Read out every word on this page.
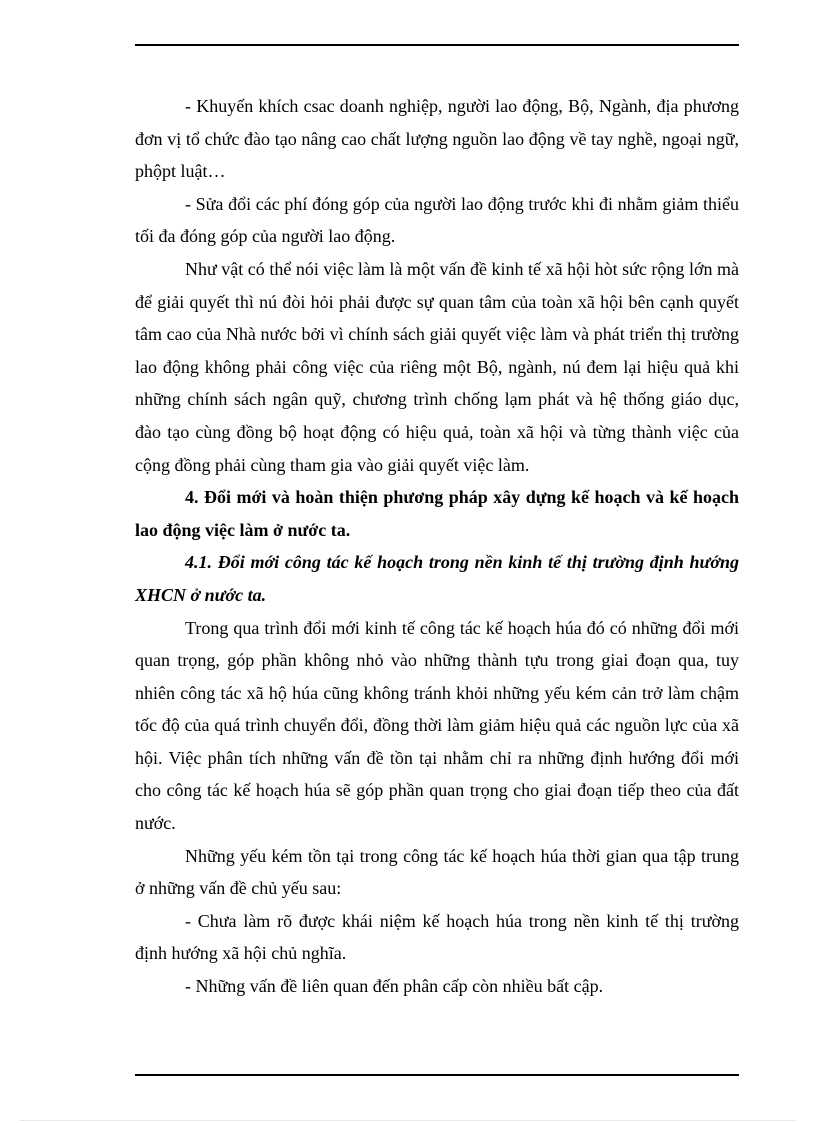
- Khuyến khích csac doanh nghiệp, người lao động, Bộ, Ngành, địa phương đơn vị tổ chức đào tạo nâng cao chất lượng nguồn lao động về tay nghề, ngoại ngữ, phộpt luật…

- Sửa đổi các phí đóng góp của người lao động trước khi đi nhằm giảm thiểu tối đa đóng góp của người lao động.

Như vật có thể nói việc làm là một vấn đề kinh tế xã hội hòt sức rộng lớn mà để giải quyết thì nú đòi hỏi phải được sự quan tâm của toàn xã hội bên cạnh quyết tâm cao của Nhà nước bởi vì chính sách giải quyết việc làm và phát triển thị trường lao động không phải công việc của riêng một Bộ, ngành, nú đem lại hiệu quả khi những chính sách ngân quỹ, chương trình chống lạm phát và hệ thống giáo dục, đào tạo cùng đồng bộ hoạt động có hiệu quả, toàn xã hội và từng thành việc của cộng đồng phải cùng tham gia vào giải quyết việc làm.

4. Đổi mới và hoàn thiện phương pháp xây dựng kế hoạch và kế hoạch lao động việc làm ở nước ta.

4.1. Đổi mới công tác kế hoạch trong nền kinh tế thị trường định hướng XHCN ở nước ta.

Trong qua trình đổi mới kinh tế công tác kế hoạch húa đó có những đổi mới quan trọng, góp phần không nhỏ vào những thành tựu trong giai đoạn qua, tuy nhiên công tác xã hộ húa cũng không tránh khỏi những yếu kém cản trở làm chậm tốc độ của quá trình chuyển đổi, đồng thời làm giảm hiệu quả các nguồn lực của xã hội. Việc phân tích những vấn đề tồn tại nhằm chỉ ra những định hướng đổi mới cho công tác kế hoạch húa sẽ góp phần quan trọng cho giai đoạn tiếp theo của đất nước.

Những yếu kém tồn tại trong công tác kế hoạch húa thời gian qua tập trung ở những vấn đề chủ yếu sau:

- Chưa làm rõ được khái niệm kế hoạch húa trong nền kinh tế thị trường định hướng xã hội chủ nghĩa.

- Những vấn đề liên quan đến phân cấp còn nhiều bất cập.
